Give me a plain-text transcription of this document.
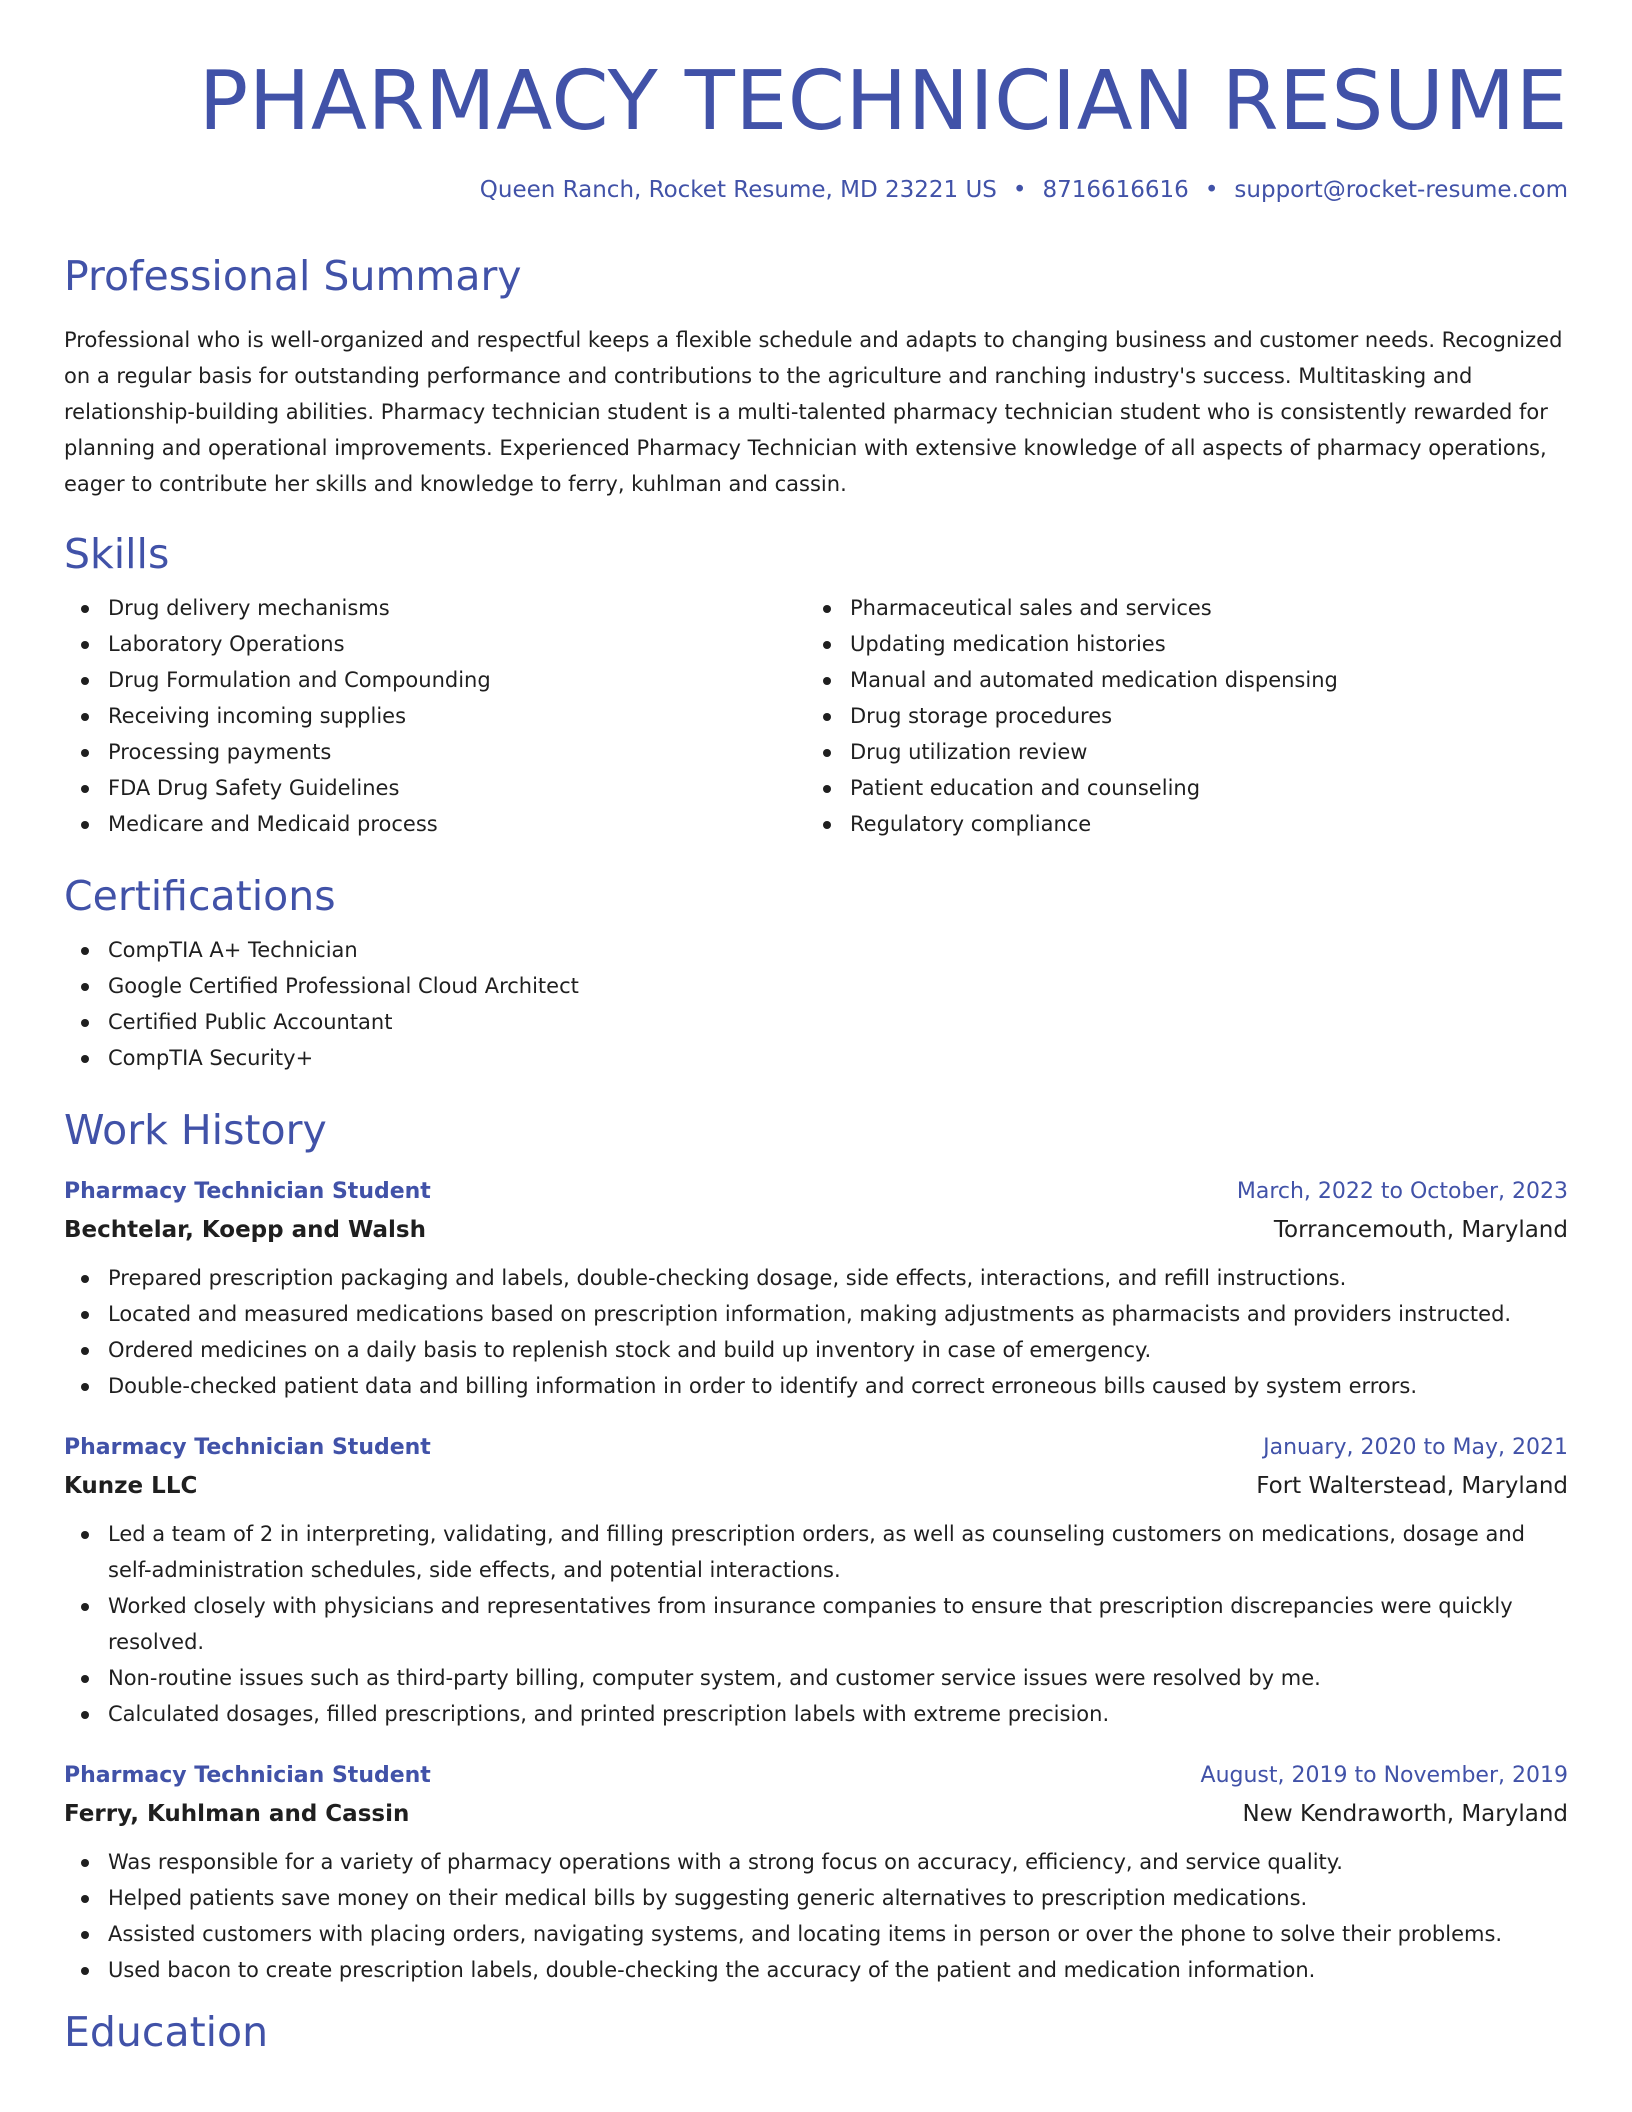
PHARMACY TECHNICIAN RESUME
Queen Ranch, Rocket Resume, MD 23221 US • 8716616616 • support@rocket-resume.com
Professional Summary

Professional who is well-organized and respectful keeps a flexible schedule and adapts to changing business and customer needs. Recognized on a regular basis for outstanding performance and contributions to the agriculture and ranching industry's success. Multitasking and relationship-building abilities. Pharmacy technician student is a multi-talented pharmacy technician student who is consistently rewarded for planning and operational improvements. Experienced Pharmacy Technician with extensive knowledge of all aspects of pharmacy operations, eager to contribute her skills and knowledge to ferry, kuhlman and cassin.

Skills
Drug delivery mechanisms
Laboratory Operations
Drug Formulation and Compounding
Receiving incoming supplies
Processing payments
FDA Drug Safety Guidelines
Medicare and Medicaid process
Pharmaceutical sales and services
Updating medication histories
Manual and automated medication dispensing
Drug storage procedures
Drug utilization review
Patient education and counseling
Regulatory compliance
Certifications
CompTIA A+ Technician
Google Certified Professional Cloud Architect
Certified Public Accountant
CompTIA Security+
Work History
Pharmacy Technician Student	March, 2022 to October, 2023
Bechtelar, Koepp and Walsh	Torrancemouth, Maryland
Prepared prescription packaging and labels, double-checking dosage, side effects, interactions, and refill instructions.
Located and measured medications based on prescription information, making adjustments as pharmacists and providers instructed.
Ordered medicines on a daily basis to replenish stock and build up inventory in case of emergency.
Double-checked patient data and billing information in order to identify and correct erroneous bills caused by system errors.
Pharmacy Technician Student	January, 2020 to May, 2021
Kunze LLC	Fort Walterstead, Maryland
Led a team of 2 in interpreting, validating, and filling prescription orders, as well as counseling customers on medications, dosage and self-administration schedules, side effects, and potential interactions.
Worked closely with physicians and representatives from insurance companies to ensure that prescription discrepancies were quickly resolved.
Non-routine issues such as third-party billing, computer system, and customer service issues were resolved by me.
Calculated dosages, filled prescriptions, and printed prescription labels with extreme precision.
Pharmacy Technician Student	August, 2019 to November, 2019
Ferry, Kuhlman and Cassin	New Kendraworth, Maryland
Was responsible for a variety of pharmacy operations with a strong focus on accuracy, efficiency, and service quality.
Helped patients save money on their medical bills by suggesting generic alternatives to prescription medications.
Assisted customers with placing orders, navigating systems, and locating items in person or over the phone to solve their problems.
Used bacon to create prescription labels, double-checking the accuracy of the patient and medication information.
Education
